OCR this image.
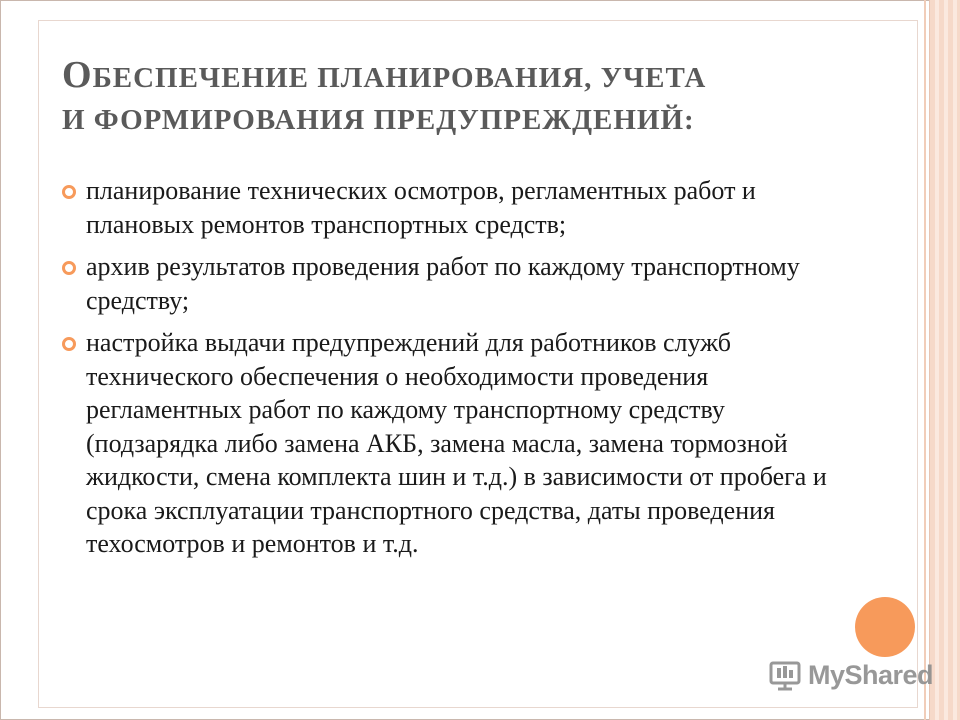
ОБЕСПЕЧЕНИЕ ПЛАНИРОВАНИЯ, УЧЕТА
И ФОРМИРОВАНИЯ ПРЕДУПРЕЖДЕНИЙ:
планирование технических осмотров, регламентных работ и плановых ремонтов транспортных средств;
архив результатов проведения работ по каждому транспортному средству;
настройка выдачи предупреждений для работников служб технического обеспечения о необходимости проведения регламентных работ по каждому транспортному средству (подзарядка либо замена АКБ, замена масла, замена тормозной жидкости, смена комплекта шин и т.д.) в зависимости от пробега и срока эксплуатации транспортного средства, даты проведения техосмотров и ремонтов и т.д.
MyShared
